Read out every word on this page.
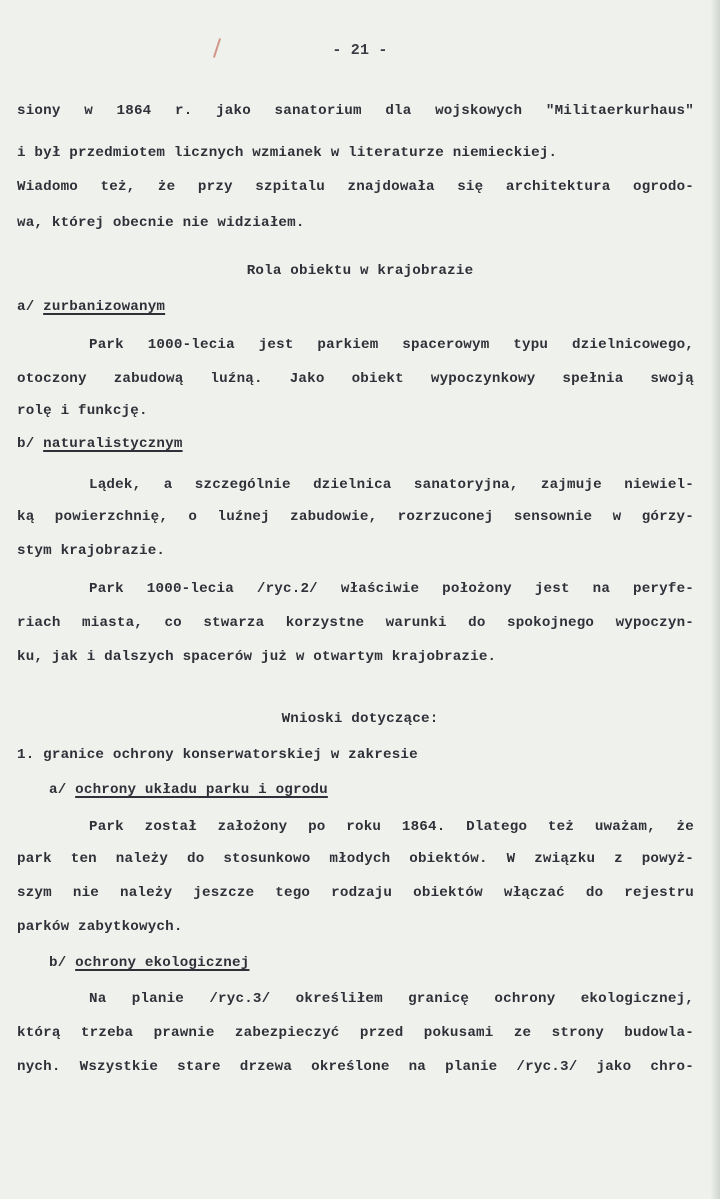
- 21 -
siony w 1864 r. jako sanatorium dla wojskowych "Militaerkurhaus"
i był przedmiotem licznych wzmianek w literaturze niemieckiej.
Wiadomo też, że przy szpitalu znajdowała się architektura ogrodo-
wa, której obecnie nie widziałem.
Rola obiektu w krajobrazie
a/ zurbanizowanym
Park 1000-lecia jest parkiem spacerowym typu dzielnicowego,
otoczony zabudową luźną. Jako obiekt wypoczynkowy spełnia swoją
rolę i funkcję.
b/ naturalistycznym
Lądek, a szczególnie dzielnica sanatoryjna, zajmuje niewiel-
ką powierzchnię, o luźnej zabudowie, rozrzuconej sensownie w górzy-
stym krajobrazie.
Park 1000-lecia /ryc.2/ właściwie położony jest na peryfe-
riach miasta, co stwarza korzystne warunki do spokojnego wypoczyn-
ku, jak i dalszych spacerów już w otwartym krajobrazie.
Wnioski dotyczące:
1. granice ochrony konserwatorskiej w zakresie
a/ ochrony układu parku i ogrodu
Park został założony po roku 1864. Dlatego też uważam, że
park ten należy do stosunkowo młodych obiektów. W związku z powyż-
szym nie należy jeszcze tego rodzaju obiektów włączać do rejestru
parków zabytkowych.
b/ ochrony ekologicznej
Na planie /ryc.3/ określiłem granicę ochrony ekologicznej,
którą trzeba prawnie zabezpieczyć przed pokusami ze strony budowla-
nych. Wszystkie stare drzewa określone na planie /ryc.3/ jako chro-
